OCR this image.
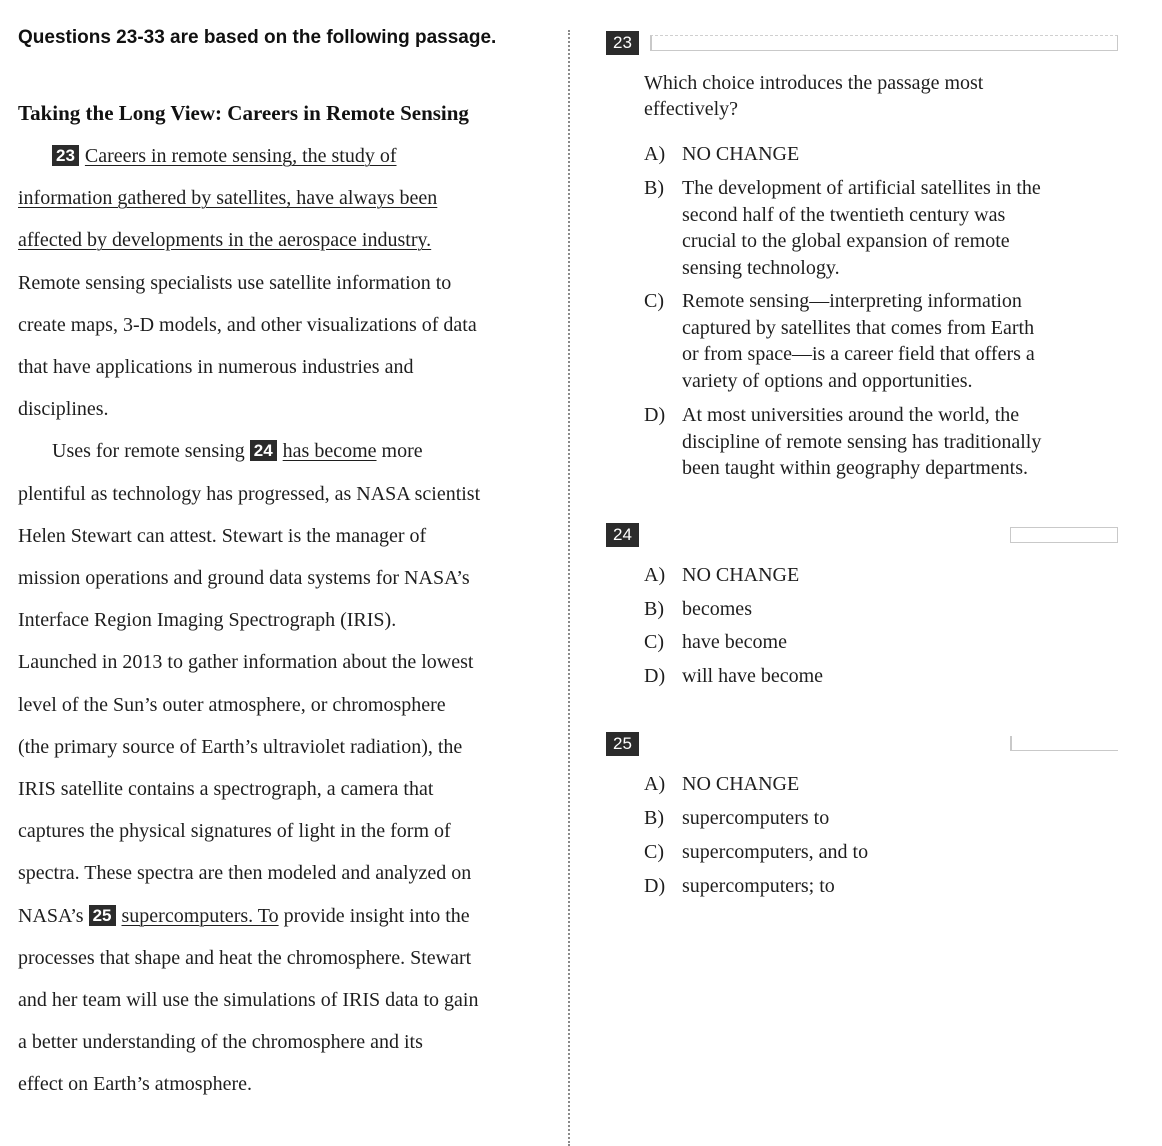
Questions 23-33 are based on the following passage.
Taking the Long View: Careers in Remote Sensing
23 Careers in remote sensing, the study of
information gathered by satellites, have always been
affected by developments in the aerospace industry.
Remote sensing specialists use satellite information to
create maps, 3-D models, and other visualizations of data
that have applications in numerous industries and
disciplines.
Uses for remote sensing 24 has become more
plentiful as technology has progressed, as NASA scientist
Helen Stewart can attest. Stewart is the manager of
mission operations and ground data systems for NASA’s
Interface Region Imaging Spectrograph (IRIS).
Launched in 2013 to gather information about the lowest
level of the Sun’s outer atmosphere, or chromosphere
(the primary source of Earth’s ultraviolet radiation), the
IRIS satellite contains a spectrograph, a camera that
captures the physical signatures of light in the form of
spectra. These spectra are then modeled and analyzed on
NASA’s 25 supercomputers. To provide insight into the
processes that shape and heat the chromosphere. Stewart
and her team will use the simulations of IRIS data to gain
a better understanding of the chromosphere and its
effect on Earth’s atmosphere.
23
Which choice introduces the passage most
effectively?
A) NO CHANGE
B) The development of artificial satellites in the
second half of the twentieth century was
crucial to the global expansion of remote
sensing technology.
C) Remote sensing—interpreting information
captured by satellites that comes from Earth
or from space—is a career field that offers a
variety of options and opportunities.
D) At most universities around the world, the
discipline of remote sensing has traditionally
been taught within geography departments.
24
A) NO CHANGE
B) becomes
C) have become
D) will have become
25
A) NO CHANGE
B) supercomputers to
C) supercomputers, and to
D) supercomputers; to
